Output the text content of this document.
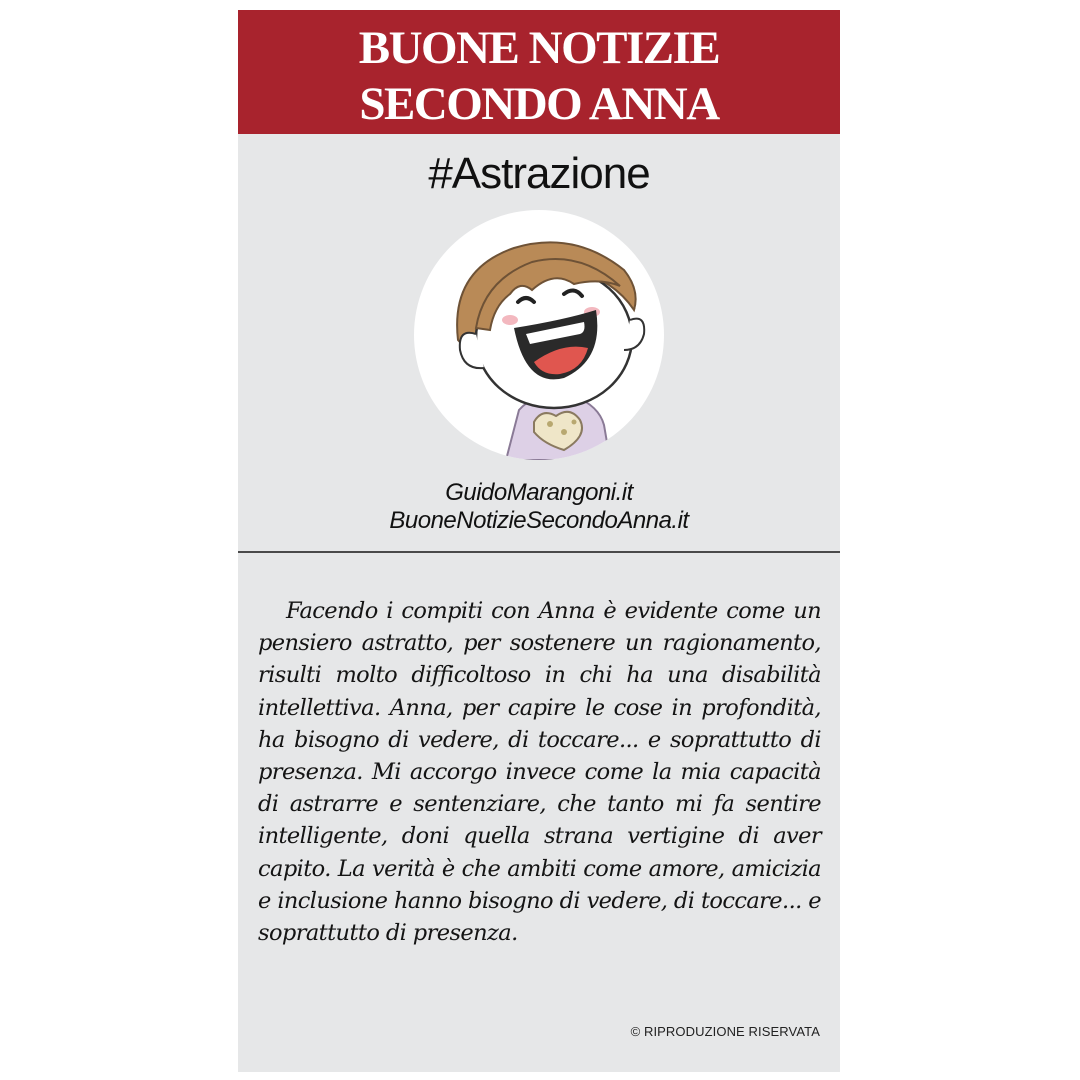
BUONE NOTIZIE
SECONDO ANNA
#Astrazione
GuidoMarangoni.it
BuoneNotizieSecondoAnna.it

Facendo i compiti con Anna è evidente come un pensiero astratto, per sostenere un ragionamento, risulti molto difficoltoso in chi ha una disabilità intellettiva. Anna, per capire le cose in profondità, ha bisogno di vedere, di toccare... e soprattutto di presenza. Mi accorgo invece come la mia capacità di astrarre e sentenziare, che tanto mi fa sentire intelligente, doni quella strana vertigine di aver capito. La verità è che ambiti come amore, amicizia e inclusione hanno bisogno di vedere, di toccare... e soprattutto di presenza.

© RIPRODUZIONE RISERVATA
